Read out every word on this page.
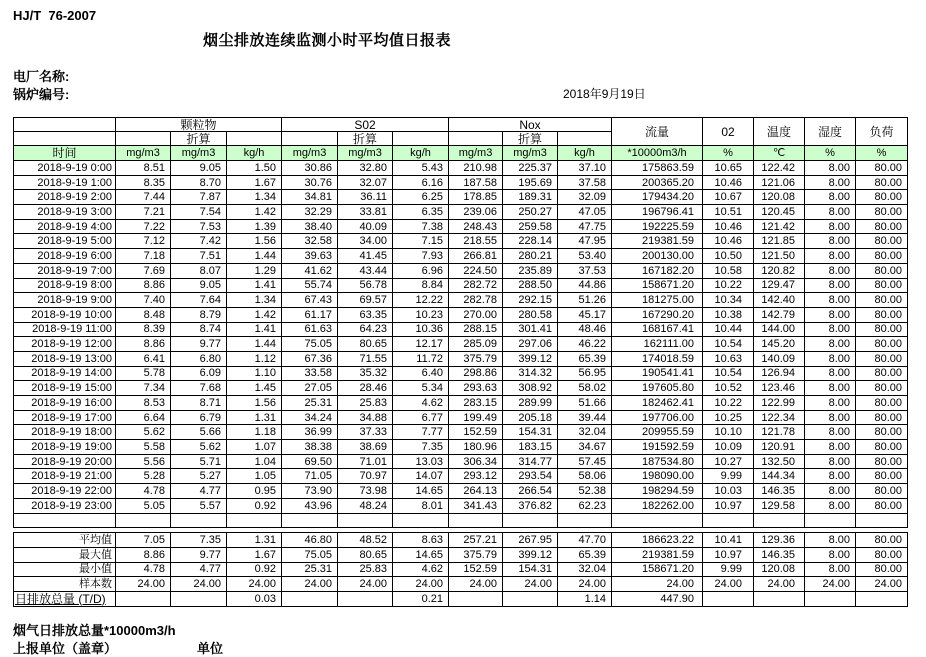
HJ/T  76-2007
烟尘排放连续监测小时平均值日报表
电厂名称:
锅炉编号:	2018年9月19日
	颗粒物			S02			Nox			流量	02	温度	湿度	负荷
		折算			折算			折算						
时间	mg/m3	mg/m3	kg/h	mg/m3	mg/m3	kg/h	mg/m3	mg/m3	kg/h	*10000m3/h	%	℃	%	%
2018-9-19 0:00	8.51	9.05	1.50	30.86	32.80	5.43	210.98	225.37	37.10	175863.59	10.65	122.42	8.00	80.00
2018-9-19 1:00	8.35	8.70	1.67	30.76	32.07	6.16	187.58	195.69	37.58	200365.20	10.46	121.06	8.00	80.00
2018-9-19 2:00	7.44	7.87	1.34	34.81	36.11	6.25	178.85	189.31	32.09	179434.20	10.67	120.08	8.00	80.00
2018-9-19 3:00	7.21	7.54	1.42	32.29	33.81	6.35	239.06	250.27	47.05	196796.41	10.51	120.45	8.00	80.00
2018-9-19 4:00	7.22	7.53	1.39	38.40	40.09	7.38	248.43	259.58	47.75	192225.59	10.46	121.42	8.00	80.00
2018-9-19 5:00	7.12	7.42	1.56	32.58	34.00	7.15	218.55	228.14	47.95	219381.59	10.46	121.85	8.00	80.00
2018-9-19 6:00	7.18	7.51	1.44	39.63	41.45	7.93	266.81	280.21	53.40	200130.00	10.50	121.50	8.00	80.00
2018-9-19 7:00	7.69	8.07	1.29	41.62	43.44	6.96	224.50	235.89	37.53	167182.20	10.58	120.82	8.00	80.00
2018-9-19 8:00	8.86	9.05	1.41	55.74	56.78	8.84	282.72	288.50	44.86	158671.20	10.22	129.47	8.00	80.00
2018-9-19 9:00	7.40	7.64	1.34	67.43	69.57	12.22	282.78	292.15	51.26	181275.00	10.34	142.40	8.00	80.00
2018-9-19 10:00	8.48	8.79	1.42	61.17	63.35	10.23	270.00	280.58	45.17	167290.20	10.38	142.79	8.00	80.00
2018-9-19 11:00	8.39	8.74	1.41	61.63	64.23	10.36	288.15	301.41	48.46	168167.41	10.44	144.00	8.00	80.00
2018-9-19 12:00	8.86	9.77	1.44	75.05	80.65	12.17	285.09	297.06	46.22	162111.00	10.54	145.20	8.00	80.00
2018-9-19 13:00	6.41	6.80	1.12	67.36	71.55	11.72	375.79	399.12	65.39	174018.59	10.63	140.09	8.00	80.00
2018-9-19 14:00	5.78	6.09	1.10	33.58	35.32	6.40	298.86	314.32	56.95	190541.41	10.54	126.94	8.00	80.00
2018-9-19 15:00	7.34	7.68	1.45	27.05	28.46	5.34	293.63	308.92	58.02	197605.80	10.52	123.46	8.00	80.00
2018-9-19 16:00	8.53	8.71	1.56	25.31	25.83	4.62	283.15	289.99	51.66	182462.41	10.22	122.99	8.00	80.00
2018-9-19 17:00	6.64	6.79	1.31	34.24	34.88	6.77	199.49	205.18	39.44	197706.00	10.25	122.34	8.00	80.00
2018-9-19 18:00	5.62	5.66	1.18	36.99	37.33	7.77	152.59	154.31	32.04	209955.59	10.10	121.78	8.00	80.00
2018-9-19 19:00	5.58	5.62	1.07	38.38	38.69	7.35	180.96	183.15	34.67	191592.59	10.09	120.91	8.00	80.00
2018-9-19 20:00	5.56	5.71	1.04	69.50	71.01	13.03	306.34	314.77	57.45	187534.80	10.27	132.50	8.00	80.00
2018-9-19 21:00	5.28	5.27	1.05	71.05	70.97	14.07	293.12	293.54	58.06	198090.00	9.99	144.34	8.00	80.00
2018-9-19 22:00	4.78	4.77	0.95	73.90	73.98	14.65	264.13	266.54	52.38	198294.59	10.03	146.35	8.00	80.00
2018-9-19 23:00	5.05	5.57	0.92	43.96	48.24	8.01	341.43	376.82	62.23	182262.00	10.97	129.58	8.00	80.00

平均值	7.05	7.35	1.31	46.80	48.52	8.63	257.21	267.95	47.70	186623.22	10.41	129.36	8.00	80.00
最大值	8.86	9.77	1.67	75.05	80.65	14.65	375.79	399.12	65.39	219381.59	10.97	146.35	8.00	80.00
最小值	4.78	4.77	0.92	25.31	25.83	4.62	152.59	154.31	32.04	158671.20	9.99	120.08	8.00	80.00
样本数	24.00	24.00	24.00	24.00	24.00	24.00	24.00	24.00	24.00	24.00	24.00	24.00	24.00	24.00
日排放总量 (T/D)			0.03			0.21			1.14	447.90				
烟气日排放总量*10000m3/h
上报单位（盖章）	单位
